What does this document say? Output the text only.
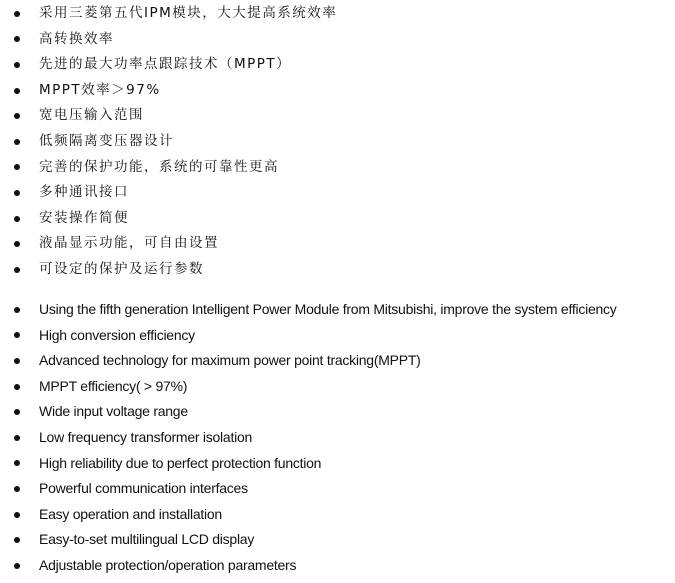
采用三菱第五代IPM模块，大大提高系统效率
高转换效率
先进的最大功率点跟踪技术（MPPT）
MPPT效率＞97%
宽电压输入范围
低频隔离变压器设计
完善的保护功能，系统的可靠性更高
多种通讯接口
安装操作简便
液晶显示功能，可自由设置
可设定的保护及运行参数
Using the fifth generation Intelligent Power Module from Mitsubishi, improve the system efficiency
High conversion efficiency
Advanced technology for maximum power point tracking(MPPT)
MPPT efficiency( > 97%)
Wide input voltage range
Low frequency transformer isolation
High reliability due to perfect protection function
Powerful communication interfaces
Easy operation and installation
Easy-to-set multilingual LCD display
Adjustable protection/operation parameters
